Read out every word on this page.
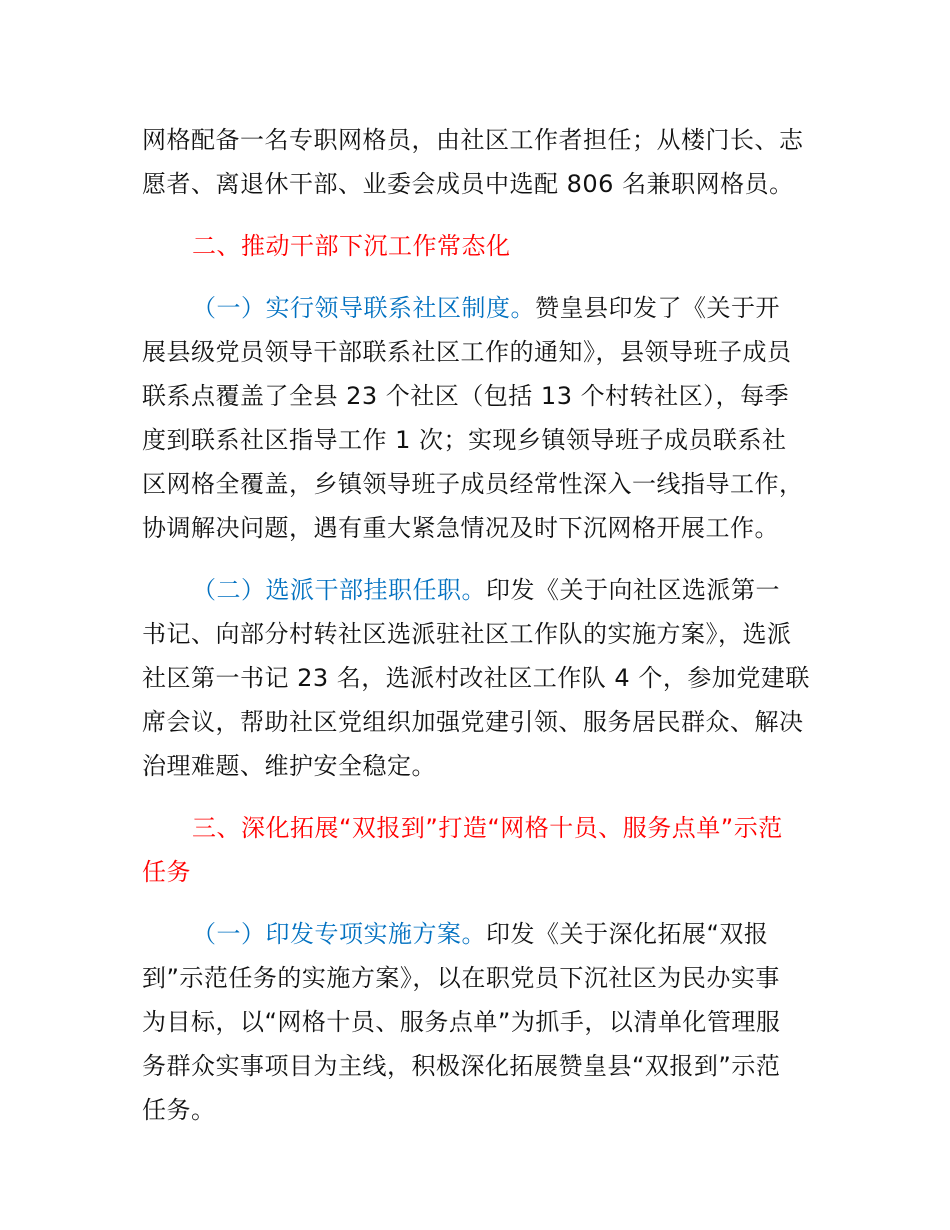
网格配备一名专职网格员，由社区工作者担任；从楼门长、志
愿者、离退休干部、业委会成员中选配 806 名兼职网格员。
二、推动干部下沉工作常态化
（一）实行领导联系社区制度。赞皇县印发了《关于开
展县级党员领导干部联系社区工作的通知》，县领导班子成员
联系点覆盖了全县 23 个社区（包括 13 个村转社区），每季
度到联系社区指导工作 1 次；实现乡镇领导班子成员联系社
区网格全覆盖，乡镇领导班子成员经常性深入一线指导工作，
协调解决问题，遇有重大紧急情况及时下沉网格开展工作。
（二）选派干部挂职任职。印发《关于向社区选派第一
书记、向部分村转社区选派驻社区工作队的实施方案》，选派
社区第一书记 23 名，选派村改社区工作队 4 个，参加党建联
席会议，帮助社区党组织加强党建引领、服务居民群众、解决
治理难题、维护安全稳定。
三、深化拓展“双报到”打造“网格十员、服务点单”示范
任务
（一）印发专项实施方案。印发《关于深化拓展“双报
到”示范任务的实施方案》，以在职党员下沉社区为民办实事
为目标，以“网格十员、服务点单”为抓手，以清单化管理服
务群众实事项目为主线，积极深化拓展赞皇县“双报到”示范
任务。
